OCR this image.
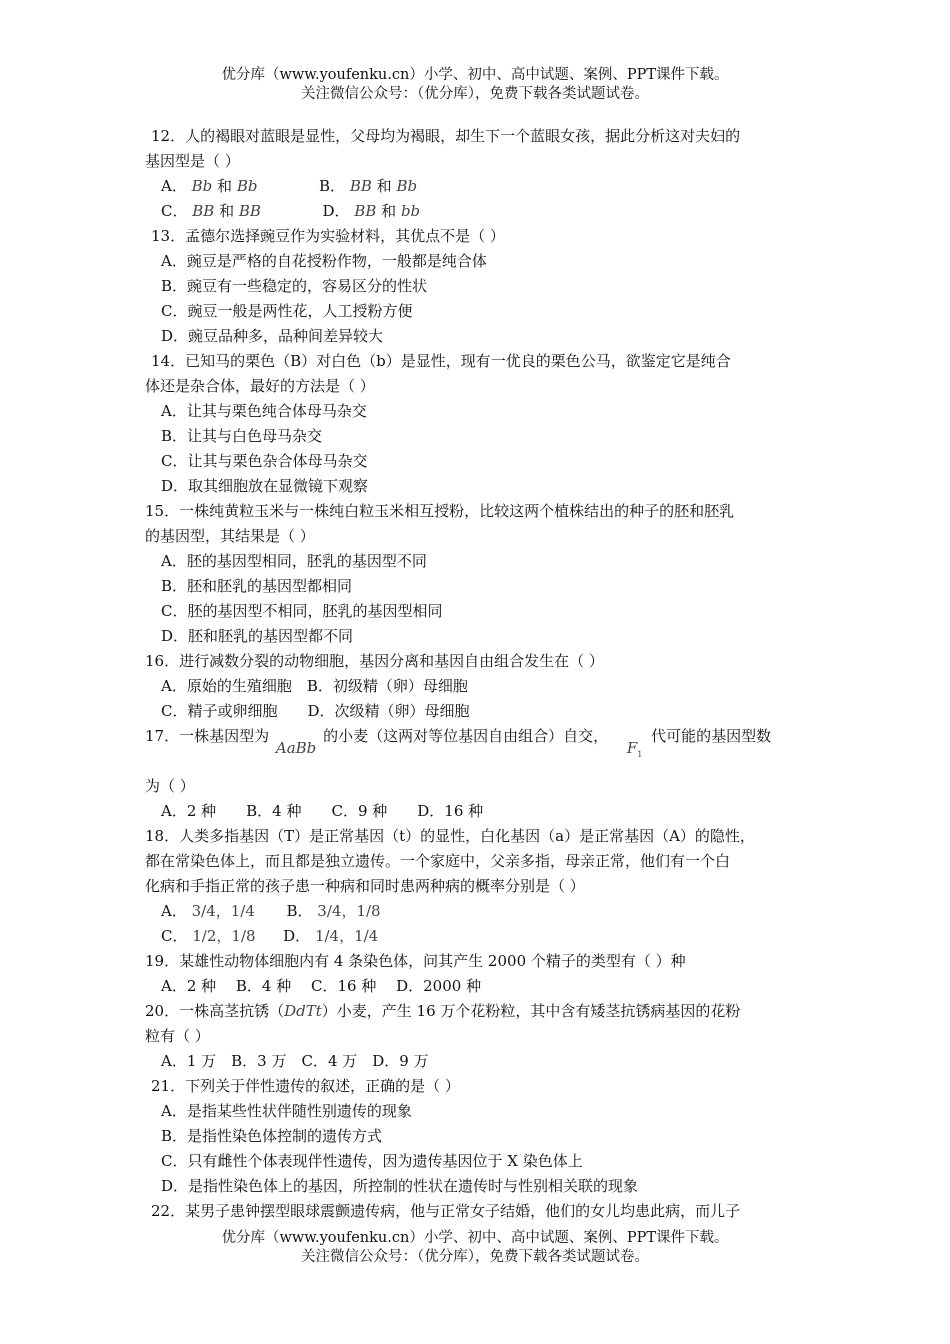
优分库（www.youfenku.cn）小学、初中、高中试题、案例、PPT课件下载。
关注微信公众号：（优分库），免费下载各类试题试卷。
12．人的褐眼对蓝眼是显性，父母均为褐眼，却生下一个蓝眼女孩，据此分析这对夫妇的
基因型是（ ）
A． Bb 和 Bb	B． BB 和 Bb
C． BB 和 BB	D． BB 和 bb
13．孟德尔选择豌豆作为实验材料，其优点不是（ ）
A．豌豆是严格的自花授粉作物，一般都是纯合体
B．豌豆有一些稳定的，容易区分的性状
C．豌豆一般是两性花，人工授粉方便
D．豌豆品种多，品种间差异较大
14．已知马的栗色（B）对白色（b）是显性，现有一优良的栗色公马，欲鉴定它是纯合
体还是杂合体，最好的方法是（ ）
A．让其与栗色纯合体母马杂交
B．让其与白色母马杂交
C．让其与栗色杂合体母马杂交
D．取其细胞放在显微镜下观察
15．一株纯黄粒玉米与一株纯白粒玉米相互授粉，比较这两个植株结出的种子的胚和胚乳
的基因型，其结果是（ ）
A．胚的基因型相同，胚乳的基因型不同
B．胚和胚乳的基因型都相同
C．胚的基因型不相同，胚乳的基因型相同
D．胚和胚乳的基因型都不同
16．进行减数分裂的动物细胞，基因分离和基因自由组合发生在（ ）
A．原始的生殖细胞　B．初级精（卵）母细胞
C．精子或卵细胞　　D．次级精（卵）母细胞
17．一株基因型为 AaBb 的小麦（这两对等位基因自由组合）自交， $F_1$ 代可能的基因型数
为（ ）
A．2 种　　B．4 种　　C．9 种　　D．16 种
18．人类多指基因（T）是正常基因（t）的显性，白化基因（a）是正常基因（A）的隐性，
都在常染色体上，而且都是独立遗传。一个家庭中，父亲多指，母亲正常，他们有一个白
化病和手指正常的孩子患一种病和同时患两种病的概率分别是（ ）
A． 3/4，1/4 B． 3/4，1/8
C． 1/2，1/8 D． 1/4，1/4
19．某雄性动物体细胞内有 4 条染色体，问其产生 2000 个精子的类型有（ ）种
A．2 种　 B．4 种　 C．16 种　 D．2000 种
20．一株高茎抗锈（DdTt）小麦，产生 16 万个花粉粒，其中含有矮茎抗锈病基因的花粉
粒有（ ）
A．1 万　B．3 万　C．4 万　D．9 万
21．下列关于伴性遗传的叙述，正确的是（ ）
A．是指某些性状伴随性别遗传的现象
B．是指性染色体控制的遗传方式
C．只有雌性个体表现伴性遗传，因为遗传基因位于 X 染色体上
D．是指性染色体上的基因，所控制的性状在遗传时与性别相关联的现象
22．某男子患钟摆型眼球震颤遗传病，他与正常女子结婚，他们的女儿均患此病，而儿子
优分库（www.youfenku.cn）小学、初中、高中试题、案例、PPT课件下载。
关注微信公众号：（优分库），免费下载各类试题试卷。
